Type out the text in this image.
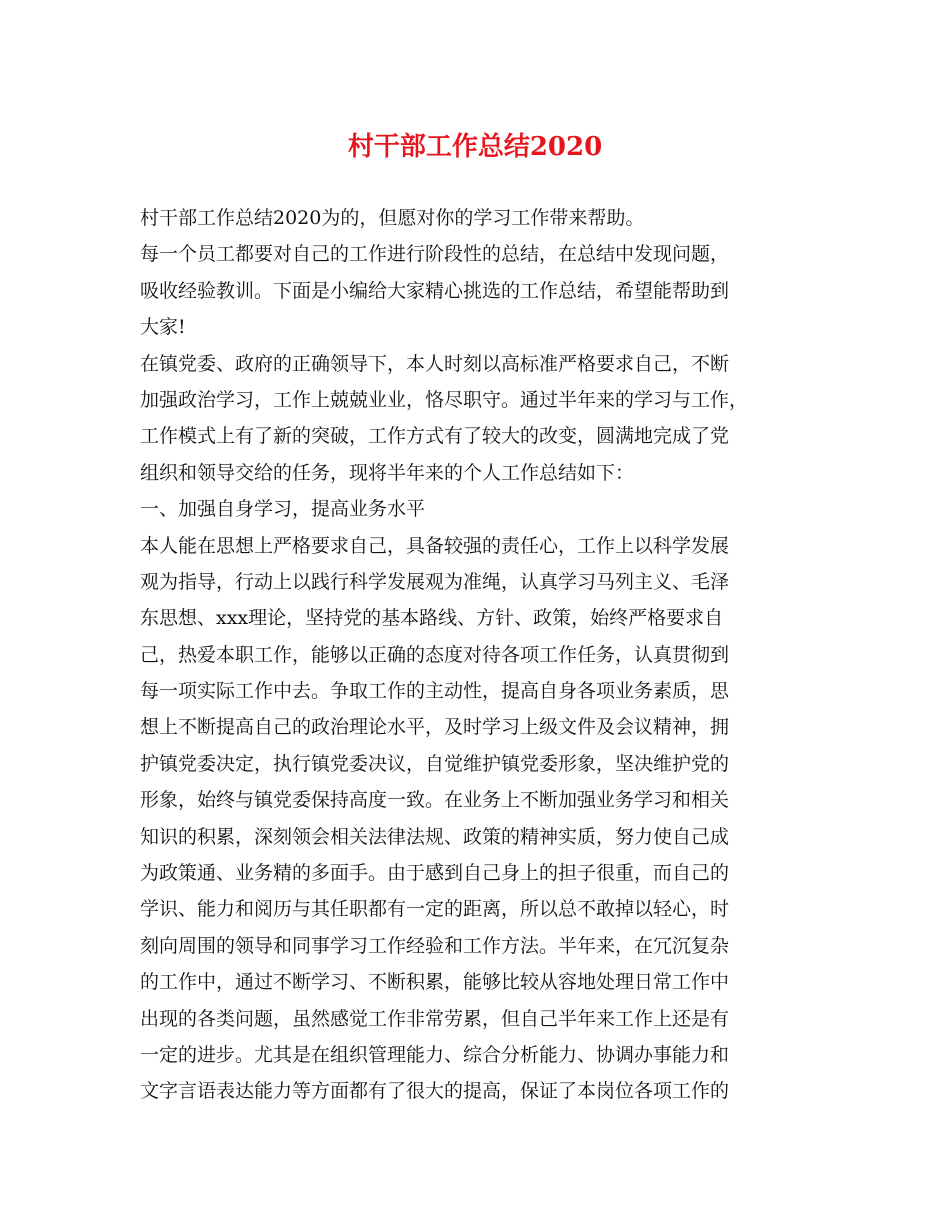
村干部工作总结2020
村干部工作总结2020为的，但愿对你的学习工作带来帮助。
每一个员工都要对自己的工作进行阶段性的总结，在总结中发现问题，
吸收经验教训。下面是小编给大家精心挑选的工作总结，希望能帮助到
大家!
在镇党委、政府的正确领导下，本人时刻以高标准严格要求自己，不断
加强政治学习，工作上兢兢业业，恪尽职守。通过半年来的学习与工作，
工作模式上有了新的突破，工作方式有了较大的改变，圆满地完成了党
组织和领导交给的任务，现将半年来的个人工作总结如下：
一、加强自身学习，提高业务水平
本人能在思想上严格要求自己，具备较强的责任心，工作上以科学发展
观为指导，行动上以践行科学发展观为准绳，认真学习马列主义、毛泽
东思想、xxx理论，坚持党的基本路线、方针、政策，始终严格要求自
己，热爱本职工作，能够以正确的态度对待各项工作任务，认真贯彻到
每一项实际工作中去。争取工作的主动性，提高自身各项业务素质，思
想上不断提高自己的政治理论水平，及时学习上级文件及会议精神，拥
护镇党委决定，执行镇党委决议，自觉维护镇党委形象，坚决维护党的
形象，始终与镇党委保持高度一致。在业务上不断加强业务学习和相关
知识的积累，深刻领会相关法律法规、政策的精神实质，努力使自己成
为政策通、业务精的多面手。由于感到自己身上的担子很重，而自己的
学识、能力和阅历与其任职都有一定的距离，所以总不敢掉以轻心，时
刻向周围的领导和同事学习工作经验和工作方法。半年来，在冗沉复杂
的工作中，通过不断学习、不断积累，能够比较从容地处理日常工作中
出现的各类问题，虽然感觉工作非常劳累，但自己半年来工作上还是有
一定的进步。尤其是在组织管理能力、综合分析能力、协调办事能力和
文字言语表达能力等方面都有了很大的提高，保证了本岗位各项工作的
